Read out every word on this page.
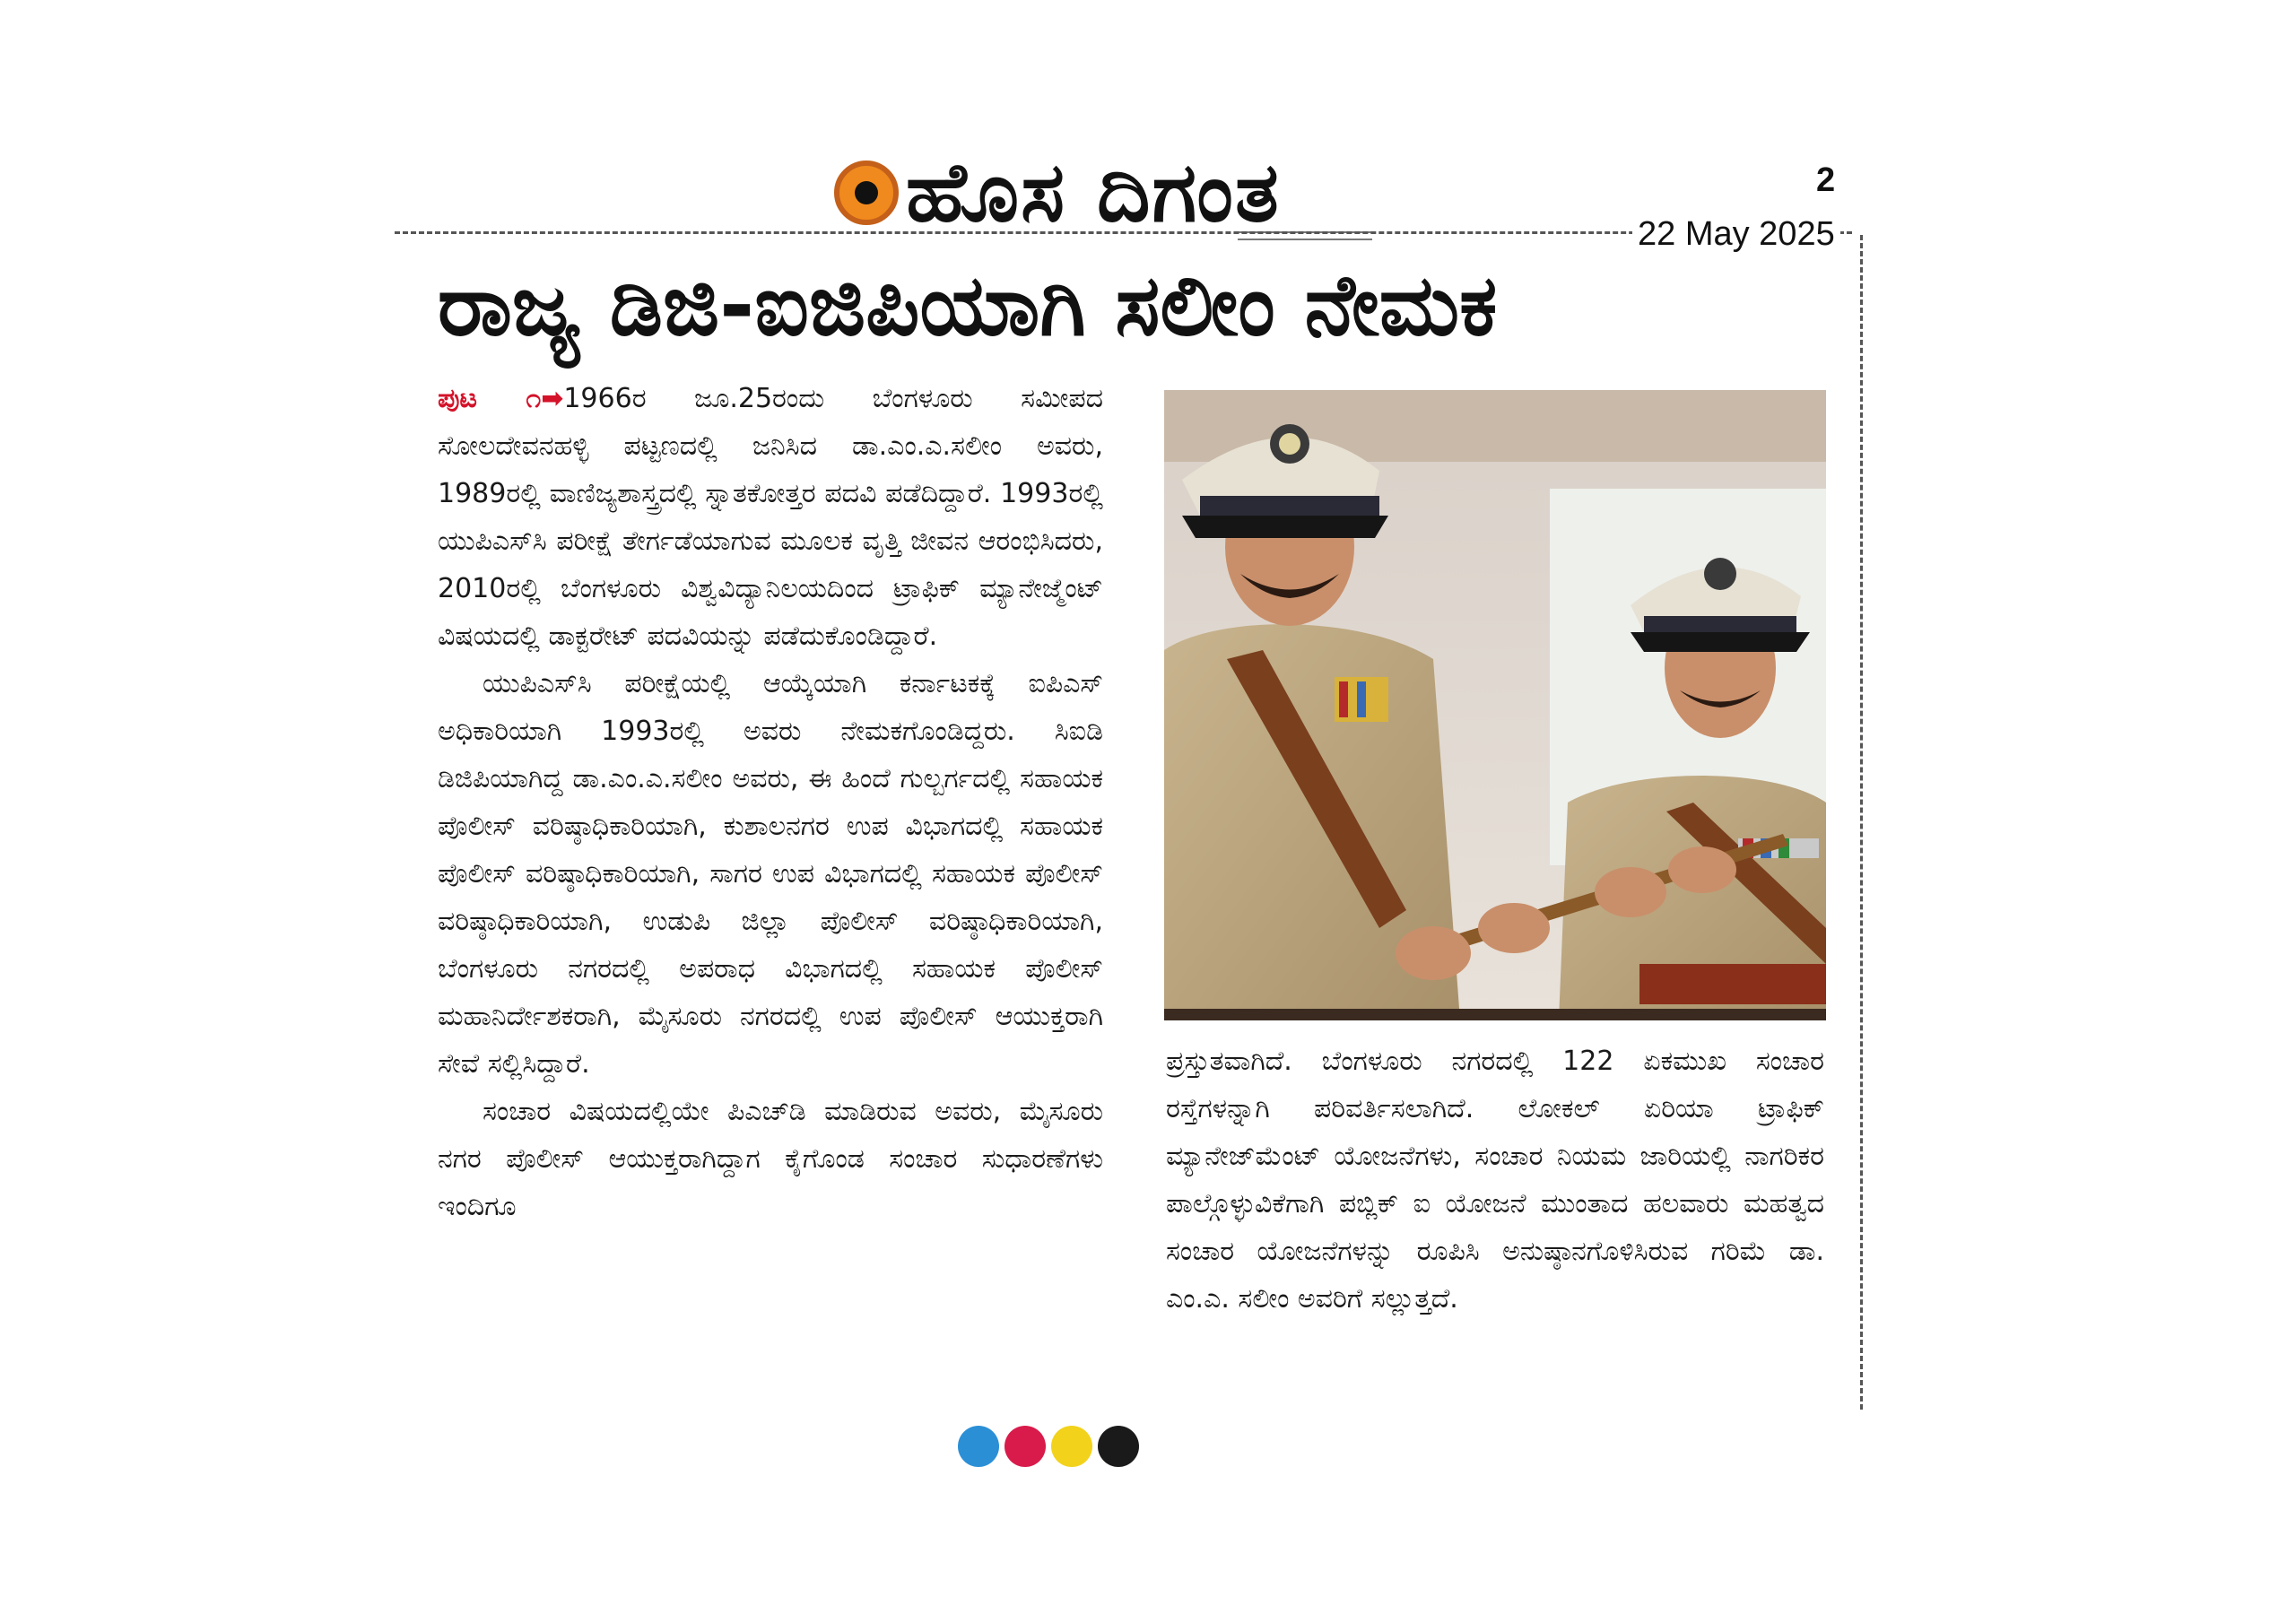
ಹೊಸ ದಿಗಂತ	2
22 May 2025
ರಾಜ್ಯ ಡಿಜಿ-ಐಜಿಪಿಯಾಗಿ ಸಲೀಂ ನೇಮಕ

ಪುಟ ೧➡1966ರ ಜೂ.25ರಂದು ಬೆಂಗಳೂರು ಸಮೀಪದ ಸೋಲದೇವನಹಳ್ಳಿ ಪಟ್ಟಣದಲ್ಲಿ ಜನಿಸಿದ ಡಾ.ಎಂ.ಎ.ಸಲೀಂ ಅವರು, 1989ರಲ್ಲಿ ವಾಣಿಜ್ಯಶಾಸ್ತ್ರದಲ್ಲಿ ಸ್ನಾತಕೋತ್ತರ ಪದವಿ ಪಡೆದಿದ್ದಾರೆ. 1993ರಲ್ಲಿ ಯುಪಿಎಸ್‌ಸಿ ಪರೀಕ್ಷೆ ತೇರ್ಗಡೆಯಾಗುವ ಮೂಲಕ ವೃತ್ತಿ ಜೀವನ ಆರಂಭಿಸಿದರು, 2010ರಲ್ಲಿ ಬೆಂಗಳೂರು ವಿಶ್ವವಿದ್ಯಾನಿಲಯದಿಂದ ಟ್ರಾಫಿಕ್ ಮ್ಯಾನೇಜ್ಮೆಂಟ್ ವಿಷಯದಲ್ಲಿ ಡಾಕ್ಟರೇಟ್ ಪದವಿಯನ್ನು ಪಡೆದುಕೊಂಡಿದ್ದಾರೆ.

ಯುಪಿಎಸ್‌ಸಿ ಪರೀಕ್ಷೆಯಲ್ಲಿ ಆಯ್ಕೆಯಾಗಿ ಕರ್ನಾಟಕಕ್ಕೆ ಐಪಿಎಸ್ ಅಧಿಕಾರಿಯಾಗಿ 1993ರಲ್ಲಿ ಅವರು ನೇಮಕಗೊಂಡಿದ್ದರು. ಸಿಐಡಿ ಡಿಜಿಪಿಯಾಗಿದ್ದ ಡಾ.ಎಂ.ಎ.ಸಲೀಂ ಅವರು, ಈ ಹಿಂದೆ ಗುಲ್ಬರ್ಗದಲ್ಲಿ ಸಹಾಯಕ ಪೊಲೀಸ್ ವರಿಷ್ಠಾಧಿಕಾರಿಯಾಗಿ, ಕುಶಾಲನಗರ ಉಪ ವಿಭಾಗದಲ್ಲಿ ಸಹಾಯಕ ಪೊಲೀಸ್ ವರಿಷ್ಠಾಧಿಕಾರಿಯಾಗಿ, ಸಾಗರ ಉಪ ವಿಭಾಗದಲ್ಲಿ ಸಹಾಯಕ ಪೊಲೀಸ್ ವರಿಷ್ಠಾಧಿಕಾರಿಯಾಗಿ, ಉಡುಪಿ ಜಿಲ್ಲಾ ಪೊಲೀಸ್ ವರಿಷ್ಠಾಧಿಕಾರಿಯಾಗಿ, ಬೆಂಗಳೂರು ನಗರದಲ್ಲಿ ಅಪರಾಧ ವಿಭಾಗದಲ್ಲಿ ಸಹಾಯಕ ಪೊಲೀಸ್ ಮಹಾನಿರ್ದೇಶಕರಾಗಿ, ಮೈಸೂರು ನಗರದಲ್ಲಿ ಉಪ ಪೊಲೀಸ್ ಆಯುಕ್ತರಾಗಿ ಸೇವೆ ಸಲ್ಲಿಸಿದ್ದಾರೆ.

ಸಂಚಾರ ವಿಷಯದಲ್ಲಿಯೇ ಪಿಎಚ್‌ಡಿ ಮಾಡಿರುವ ಅವರು, ಮೈಸೂರು ನಗರ ಪೊಲೀಸ್ ಆಯುಕ್ತರಾಗಿದ್ದಾಗ ಕೈಗೊಂಡ ಸಂಚಾರ ಸುಧಾರಣೆಗಳು ಇಂದಿಗೂ

ಪ್ರಸ್ತುತವಾಗಿದೆ. ಬೆಂಗಳೂರು ನಗರದಲ್ಲಿ 122 ಏಕಮುಖ ಸಂಚಾರ ರಸ್ತೆಗಳನ್ನಾಗಿ ಪರಿವರ್ತಿಸಲಾಗಿದೆ. ಲೋಕಲ್ ಏರಿಯಾ ಟ್ರಾಫಿಕ್ ಮ್ಯಾನೇಜ್‌ಮೆಂಟ್ ಯೋಜನೆಗಳು, ಸಂಚಾರ ನಿಯಮ ಜಾರಿಯಲ್ಲಿ ನಾಗರಿಕರ ಪಾಲ್ಗೊಳ್ಳುವಿಕೆಗಾಗಿ ಪಬ್ಲಿಕ್ ಐ ಯೋಜನೆ ಮುಂತಾದ ಹಲವಾರು ಮಹತ್ವದ ಸಂಚಾರ ಯೋಜನೆಗಳನ್ನು ರೂಪಿಸಿ ಅನುಷ್ಠಾನಗೊಳಿಸಿರುವ ಗರಿಮೆ ಡಾ. ಎಂ.ಎ. ಸಲೀಂ ಅವರಿಗೆ ಸಲ್ಲುತ್ತದೆ.
